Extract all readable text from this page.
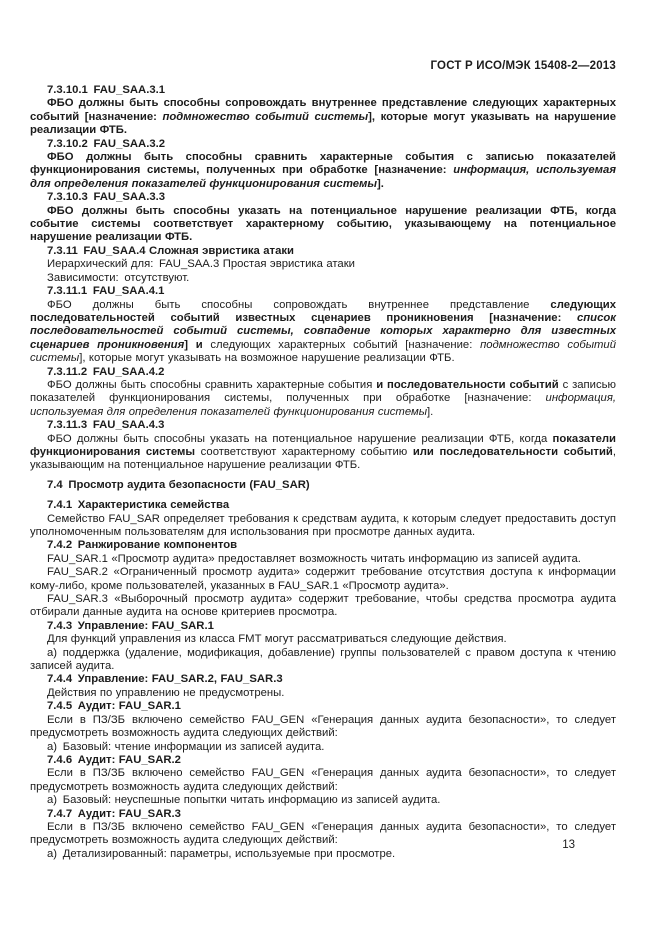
ГОСТ Р ИСО/МЭК 15408-2—2013

7.3.10.1 FAU_SAA.3.1

ФБО должны быть способны сопровождать внутреннее представление следующих характерных событий [назначение: подмножество событий системы], которые могут указывать на нарушение реализации ФТБ.

7.3.10.2 FAU_SAA.3.2

ФБО должны быть способны сравнить характерные события с записью показателей функционирования системы, полученных при обработке [назначение: информация, используемая для определения показателей функционирования системы].

7.3.10.3 FAU_SAA.3.3

ФБО должны быть способны указать на потенциальное нарушение реализации ФТБ, когда событие системы соответствует характерному событию, указывающему на потенциальное нарушение реализации ФТБ.

7.3.11 FAU_SAA.4 Сложная эвристика атаки

Иерархический для: FAU_SAA.3 Простая эвристика атаки

Зависимости: отсутствуют.

7.3.11.1 FAU_SAA.4.1

ФБО должны быть способны сопровождать внутреннее представление следующих последовательностей событий известных сценариев проникновения [назначение: список последовательностей событий системы, совпадение которых характерно для известных сценариев проникновения] и следующих характерных событий [назначение: подмножество событий системы], которые могут указывать на возможное нарушение реализации ФТБ.

7.3.11.2 FAU_SAA.4.2

ФБО должны быть способны сравнить характерные события и последовательности событий с записью показателей функционирования системы, полученных при обработке [назначение: информация, используемая для определения показателей функционирования системы].

7.3.11.3 FAU_SAA.4.3

ФБО должны быть способны указать на потенциальное нарушение реализации ФТБ, когда показатели функционирования системы соответствуют характерному событию или последовательности событий, указывающим на потенциальное нарушение реализации ФТБ.

7.4 Просмотр аудита безопасности (FAU_SAR)

7.4.1 Характеристика семейства

Семейство FAU_SAR определяет требования к средствам аудита, к которым следует предоставить доступ уполномоченным пользователям для использования при просмотре данных аудита.

7.4.2 Ранжирование компонентов

FAU_SAR.1 «Просмотр аудита» предоставляет возможность читать информацию из записей аудита.

FAU_SAR.2 «Ограниченный просмотр аудита» содержит требование отсутствия доступа к информации кому-либо, кроме пользователей, указанных в FAU_SAR.1 «Просмотр аудита».

FAU_SAR.3 «Выборочный просмотр аудита» содержит требование, чтобы средства просмотра аудита отбирали данные аудита на основе критериев просмотра.

7.4.3 Управление: FAU_SAR.1

Для функций управления из класса FMT могут рассматриваться следующие действия.

а) поддержка (удаление, модификация, добавление) группы пользователей с правом доступа к чтению записей аудита.

7.4.4 Управление: FAU_SAR.2, FAU_SAR.3

Действия по управлению не предусмотрены.

7.4.5 Аудит: FAU_SAR.1

Если в ПЗ/ЗБ включено семейство FAU_GEN «Генерация данных аудита безопасности», то следует предусмотреть возможность аудита следующих действий:

а) Базовый: чтение информации из записей аудита.

7.4.6 Аудит: FAU_SAR.2

Если в ПЗ/ЗБ включено семейство FAU_GEN «Генерация данных аудита безопасности», то следует предусмотреть возможность аудита следующих действий:

а) Базовый: неуспешные попытки читать информацию из записей аудита.

7.4.7 Аудит: FAU_SAR.3

Если в ПЗ/ЗБ включено семейство FAU_GEN «Генерация данных аудита безопасности», то следует предусмотреть возможность аудита следующих действий:

а) Детализированный: параметры, используемые при просмотре.

13
